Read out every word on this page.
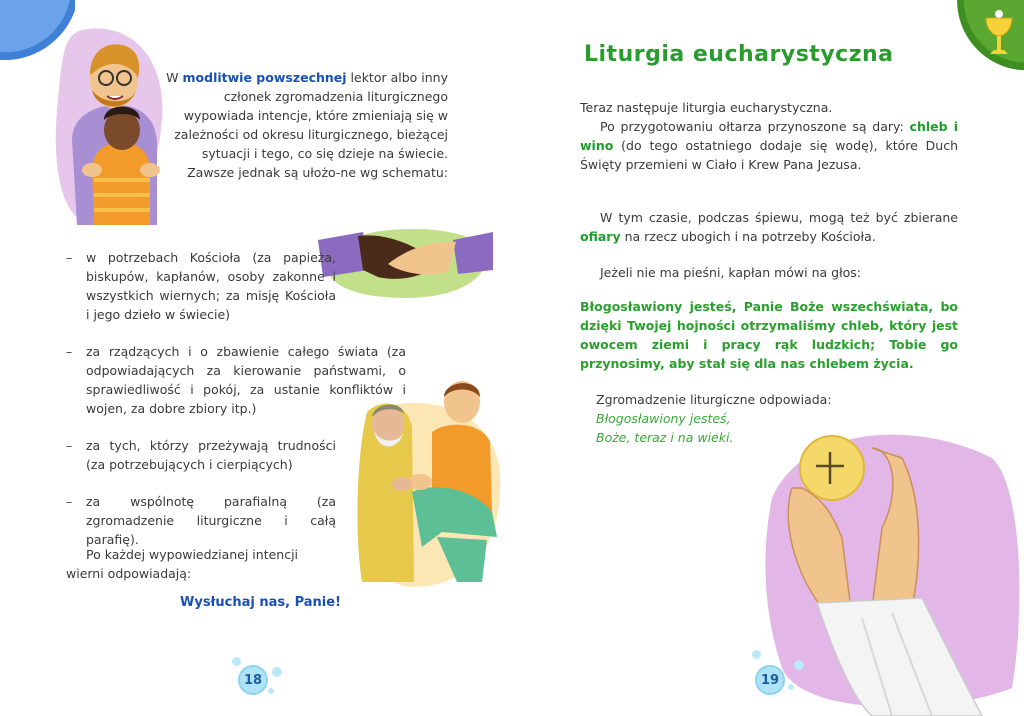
W modlitwie powszechnej lektor albo inny członek zgromadzenia liturgicznego wypowiada intencje, które zmieniają się w zależności od okresu liturgicznego, bieżącej sytuacji i tego, co się dzieje na świecie. Zawsze jednak są ułożo-ne wg schematu:

–	w potrzebach Kościoła (za papieża, biskupów, kapłanów, osoby zakonne i wszystkich wiernych; za misję Kościoła i jego dzieło w świecie)
–	za rządzących i o zbawienie całego świata (za odpowiadających za kierowanie państwami, o sprawiedliwość i pokój, za ustanie konfliktów i wojen, za dobre zbiory itp.)
–	za tych, którzy przeżywają trudności (za potrzebujących i cierpiących)
–	za wspólnotę parafialną (za zgromadzenie liturgiczne i całą parafię).
Po każdej wypowiedzianej intencji wierni odpowiadają:
Wysłuchaj nas, Panie!
18
Liturgia eucharystyczna
Teraz następuje liturgia eucharystyczna.
Po przygotowaniu ołtarza przynoszone są dary: chleb i wino (do tego ostatniego dodaje się wodę), które Duch Święty przemieni w Ciało i Krew Pana Jezusa.
W tym czasie, podczas śpiewu, mogą też być zbierane ofiary na rzecz ubogich i na potrzeby Kościoła.
Jeżeli nie ma pieśni, kapłan mówi na głos:
Błogosławiony jesteś, Panie Boże wszechświata, bo dzięki Twojej hojności otrzymaliśmy chleb, który jest owocem ziemi i pracy rąk ludzkich; Tobie go przynosimy, aby stał się dla nas chlebem życia.
Zgromadzenie liturgiczne odpowiada:
Błogosławiony jesteś,
Boże, teraz i na wieki.
19
